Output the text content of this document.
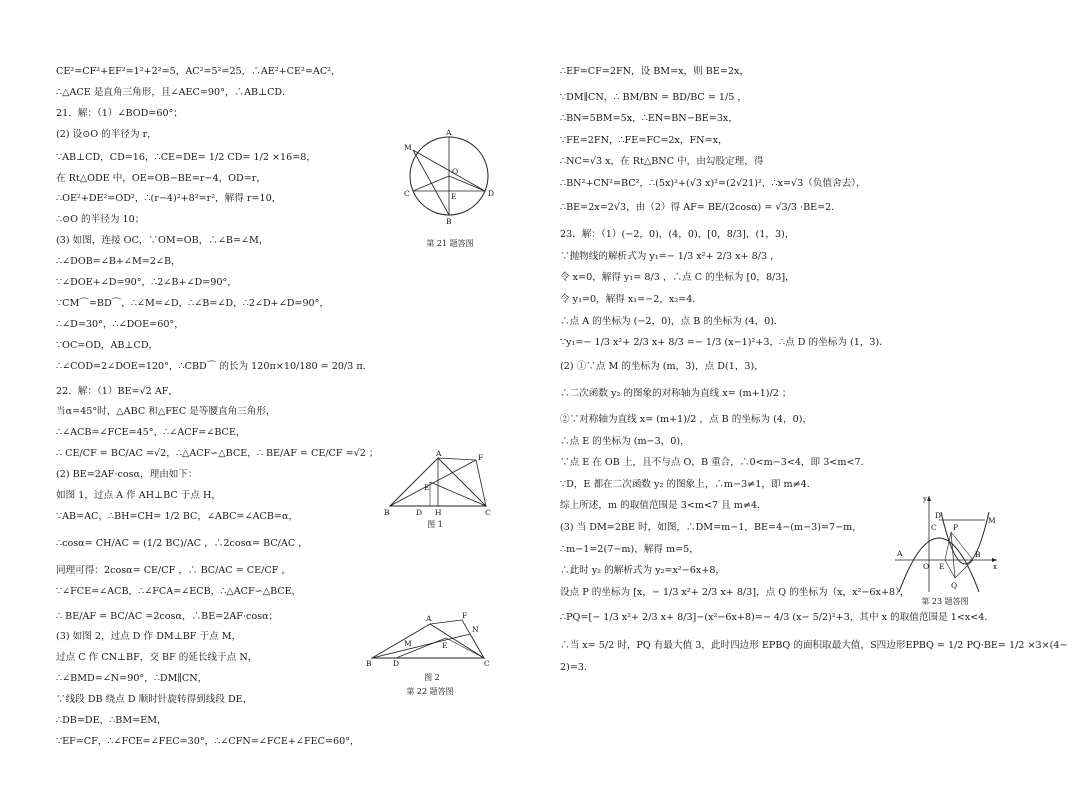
CE²=CF²+EF²=1²+2²=5，AC²=5²=25，∴AE²+CE²=AC²，
∴△ACE 是直角三角形，且∠AEC=90°，∴AB⊥CD．
21．解：（1）∠BOD=60°；
(2) 设⊙O 的半径为 r，
∵AB⊥CD，CD=16，∴CE=DE= 1/2 CD= 1/2 ×16=8，
在 Rt△ODE 中，OE=OB−BE=r−4，OD=r，
∴OE²+DE²=OD²，∴(r−4)²+8²=r²，解得 r=10，
∴⊙O 的半径为 10；
(3) 如图，连接 OC，∵OM=OB，∴∠B=∠M，
∴∠DOB=∠B+∠M=2∠B，
∵∠DOE+∠D=90°，∴2∠B+∠D=90°，
∵CM⌒=BD⌒，∴∠M=∠D，∴∠B=∠D，∴2∠D+∠D=90°，
∴∠D=30°，∴∠DOE=60°，
∵OC=OD，AB⊥CD，
∴∠COD=2∠DOE=120°，∴CBD⌒ 的长为 120π×10/180 = 20/3 π．
22．解：（1）BE=√2 AF，
当α=45°时，△ABC 和△FEC 是等腰直角三角形，
∴∠ACB=∠FCE=45°，∴∠ACF=∠BCE，
∴ CE/CF = BC/AC =√2，∴△ACF∽△BCE，∴ BE/AF = CE/CF =√2 ；
(2) BE=2AF·cosα，理由如下：
如图 1，过点 A 作 AH⊥BC 于点 H，
∵AB=AC，∴BH=CH= 1/2 BC，∠ABC=∠ACB=α，
∴cosα= CH/AC = (1/2 BC)/AC ，∴2cosα= BC/AC ，
同理可得：2cosα= CE/CF ，∴ BC/AC = CE/CF ，
∵∠FCE=∠ACB，∴∠FCA=∠ECB，∴△ACF∽△BCE，
∴ BE/AF = BC/AC =2cosα，∴BE=2AF·cosα；
(3) 如图 2，过点 D 作 DM⊥BF 于点 M，
过点 C 作 CN⊥BF，交 BF 的延长线于点 N，
∴∠BMD=∠N=90°，∴DM∥CN，
∵线段 DB 绕点 D 顺时针旋转得到线段 DE，
∴DB=DE，∴BM=EM，
∵EF=CF，∴∠FCE=∠FEC=30°，∴∠CFN=∠FCE+∠FEC=60°，
∴EF=CF=2FN，设 BM=x，则 BE=2x，
∵DM∥CN，∴ BM/BN = BD/BC = 1/5 ，
∴BN=5BM=5x，∴EN=BN−BE=3x，
∵FE=2FN，∴FE=FC=2x，FN=x，
∴NC=√3 x，在 Rt△BNC 中，由勾股定理，得
∴BN²+CN²=BC²，∴(5x)²+(√3 x)²=(2√21)²，∴x=√3（负值舍去），
∴BE=2x=2√3，由（2）得 AF= BE/(2cosα) = √3/3 ·BE=2．
23．解：（1）(−2，0)，(4，0)，[0，8/3]，(1，3)，
∵抛物线的解析式为 y₁=− 1/3 x²+ 2/3 x+ 8/3 ，
令 x=0，解得 y₁= 8/3 ，∴点 C 的坐标为 [0，8/3]，
令 y₁=0，解得 x₁=−2，x₂=4．
∴点 A 的坐标为 (−2，0)，点 B 的坐标为 (4，0)．
∵y₁=− 1/3 x²+ 2/3 x+ 8/3 =− 1/3 (x−1)²+3，∴点 D 的坐标为 (1，3)．
(2) ①∵点 M 的坐标为 (m，3)，点 D(1，3)，
∴二次函数 y₂ 的图象的对称轴为直线 x= (m+1)/2 ；
②∵对称轴为直线 x= (m+1)/2 ，点 B 的坐标为 (4，0)，
∴点 E 的坐标为 (m−3，0)，
∵点 E 在 OB 上，且不与点 O，B 重合，∴0<m−3<4，即 3<m<7．
∵D，E 都在二次函数 y₂ 的图象上，∴m−3≠1，即 m≠4．
综上所述，m 的取值范围是 3<m<7 且 m≠4．
(3) 当 DM=2BE 时，如图，∴DM=m−1，BE=4−(m−3)=7−m，
∴m−1=2(7−m)，解得 m=5，
∴此时 y₂ 的解析式为 y₂=x²−6x+8，
设点 P 的坐标为 [x，− 1/3 x²+ 2/3 x+ 8/3]，点 Q 的坐标为（x，x²−6x+8），
∴PQ=[− 1/3 x²+ 2/3 x+ 8/3]−(x²−6x+8)=− 4/3 (x− 5/2)²+3，其中 x 的取值范围是 1<x<4．
∴当 x= 5/2 时，PQ 有最大值 3，此时四边形 EPBQ 的面积取最大值，S四边形EPBQ = 1/2 PQ·BE= 1/2 ×3×(4−
2)=3．
A
M
O
C	E	D
B
第 21 题答图
A	F
E
B	D H	C
图 1
A	F
N
E
M
B	D	C
图 2
第 22 题答图
y
D
M
C P
A
O E
B
x
Q
第 23 题答图
